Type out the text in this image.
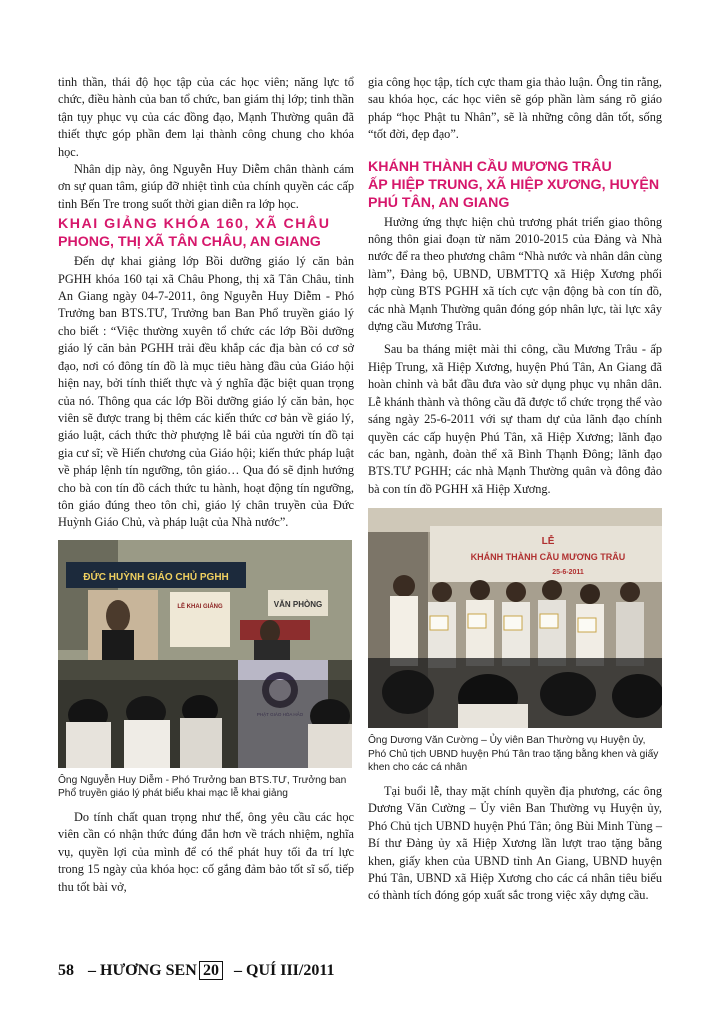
tinh thần, thái độ học tập của các học viên; năng lực tổ chức, điều hành của ban tổ chức, ban giám thị lớp; tinh thần tận tụy phục vụ của các đồng đạo, Mạnh Thường quân đã thiết thực góp phần đem lại thành công chung cho khóa học.

Nhân dịp này, ông Nguyễn Huy Diễm chân thành cám ơn sự quan tâm, giúp đỡ nhiệt tình của chính quyền các cấp tỉnh Bến Tre trong suốt thời gian diễn ra lớp học.

KHAI GIẢNG KHÓA 160, XÃ CHÂU
PHONG, THỊ XÃ TÂN CHÂU, AN GIANG

Đến dự khai giảng lớp Bồi dưỡng giáo lý căn bản PGHH khóa 160 tại xã Châu Phong, thị xã Tân Châu, tỉnh An Giang ngày 04-7-2011, ông Nguyễn Huy Diễm - Phó Trưởng ban BTS.TƯ, Trưởng ban Ban Phổ truyền giáo lý cho biết : “Việc thường xuyên tổ chức các lớp Bồi dưỡng giáo lý căn bản PGHH trải đều khắp các địa bàn có cơ sở đạo, nơi có đông tín đồ là mục tiêu hàng đầu của Giáo hội hiện nay, bởi tính thiết thực và ý nghĩa đặc biệt quan trọng của nó. Thông qua các lớp Bồi dưỡng giáo lý căn bản, học viên sẽ được trang bị thêm các kiến thức cơ bản về giáo lý, giáo luật, cách thức thờ phượng lễ bái của người tín đồ tại gia cư sĩ; về Hiến chương của Giáo hội; kiến thức pháp luật về pháp lệnh tín ngưỡng, tôn giáo… Qua đó sẽ định hướng cho bà con tín đồ cách thức tu hành, hoạt động tín ngưỡng, tôn giáo đúng theo tôn chỉ, giáo lý chân truyền của Đức Huỳnh Giáo Chủ, và pháp luật của Nhà nước”.

ĐỨC HUỲNH GIÁO CHỦ PGHH
VĂN PHÒNG
LỄ KHAI GIẢNG
PHẬT GIÁO HÒA HẢO

Ông Nguyễn Huy Diễm - Phó Trưởng ban BTS.TƯ, Trưởng ban Phổ truyền giáo lý phát biểu khai mạc lễ khai giảng

Do tính chất quan trọng như thế, ông yêu cầu các học viên cần có nhận thức đúng đắn hơn về trách nhiệm, nghĩa vụ, quyền lợi của mình để có thể phát huy tối đa trí lực trong 15 ngày của khóa học: cố gắng đảm bảo tốt sĩ số, tiếp thu tốt bài vở,

gia công học tập, tích cực tham gia thảo luận. Ông tin rằng, sau khóa học, các học viên sẽ góp phần làm sáng rõ giáo pháp “học Phật tu Nhân”, sẽ là những công dân tốt, sống “tốt đời, đẹp đạo”.

KHÁNH THÀNH CẦU MƯƠNG TRÂU
ẤP HIỆP TRUNG, XÃ HIỆP XƯƠNG, HUYỆN
PHÚ TÂN, AN GIANG

Hưởng ứng thực hiện chủ trương phát triển giao thông nông thôn giai đoạn từ năm 2010-2015 của Đảng và Nhà nước để ra theo phương châm “Nhà nước và nhân dân cùng làm”, Đảng bộ, UBND, UBMTTQ xã Hiệp Xương phối hợp cùng BTS PGHH xã tích cực vận động bà con tín đồ, các nhà Mạnh Thường quân đóng góp nhân lực, tài lực xây dựng cầu Mương Trâu.

Sau ba tháng miệt mài thi công, cầu Mương Trâu - ấp Hiệp Trung, xã Hiệp Xương, huyện Phú Tân, An Giang đã hoàn chỉnh và bắt đầu đưa vào sử dụng phục vụ nhân dân. Lễ khánh thành và thông cầu đã được tổ chức trọng thể vào sáng ngày 25-6-2011 với sự tham dự của lãnh đạo chính quyền các cấp huyện Phú Tân, xã Hiệp Xương; lãnh đạo các ban, ngành, đoàn thể xã Bình Thạnh Đông; lãnh đạo BTS.TƯ PGHH; các nhà Mạnh Thường quân và đông đảo bà con tín đồ PGHH xã Hiệp Xương.

LỄ
KHÁNH THÀNH CẦU MƯƠNG TRÂU
25-6-2011

Ông Dương Văn Cường – Ủy viên Ban Thường vụ Huyện ủy, Phó Chủ tịch UBND huyện Phú Tân trao tặng bằng khen và giấy khen cho các cá nhân

Tại buổi lễ, thay mặt chính quyền địa phương, các ông Dương Văn Cường – Ủy viên Ban Thường vụ Huyện ủy, Phó Chủ tịch UBND huyện Phú Tân; ông Bùi Minh Tùng – Bí thư Đảng ủy xã Hiệp Xương lần lượt trao tặng bằng khen, giấy khen của UBND tỉnh An Giang, UBND huyện Phú Tân, UBND xã Hiệp Xương cho các cá nhân tiêu biểu có thành tích đóng góp xuất sắc trong việc xây dựng cầu.

58 – HƯƠNG SEN 20 – QUÍ III/2011
